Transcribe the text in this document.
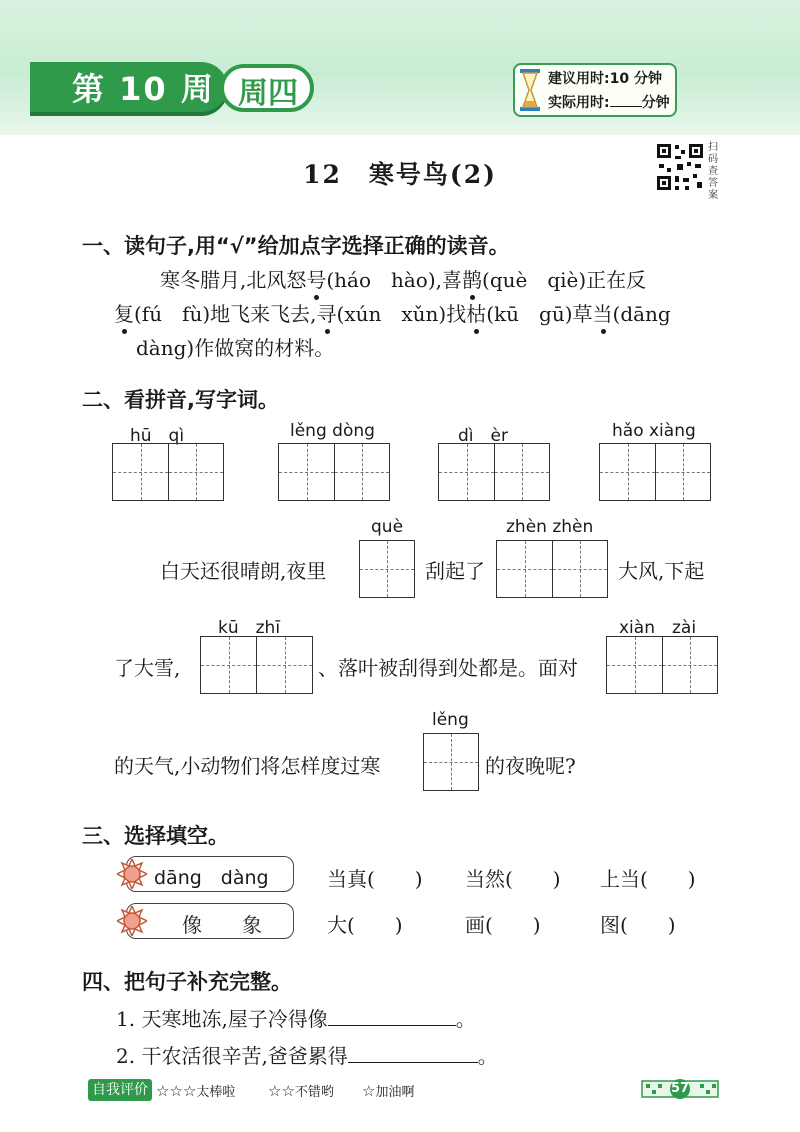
第 10 周 周四	建议用时:10 分钟
实际用时: 分钟
12　寒号鸟(2)
扫码查答案
一、读句子,用“√”给加点字选择正确的读音。
寒冬腊月,北风怒号(háo　hào),喜鹊(què　qiè)正在反
复(fú　fù)地飞来飞去,寻(xún　xǔn)找枯(kū　gū)草当(dāng
dàng)作做窝的材料。
二、看拼音,写字词。
hū　qì	lěng dòng	dì　èr	hǎo xiàng
què	zhèn zhèn
白天还很晴朗,夜里	刮起了	大风,下起
kū　zhī	xiàn　zài
了大雪,	、落叶被刮得到处都是。面对
lěng
的天气,小动物们将怎样度过寒	的夜晚呢?
三、选择填空。
dāng　dàng	当真(　　) 当然(　　) 上当(　　)
像　　象	大(　　)	画(　　)	图(　　)
四、把句子补充完整。
1. 天寒地冻,屋子冷得像	。
2. 干农活很辛苦,爸爸累得	。
自我评价 ☆☆☆太棒啦 ☆☆不错哟 ☆加油啊	57
